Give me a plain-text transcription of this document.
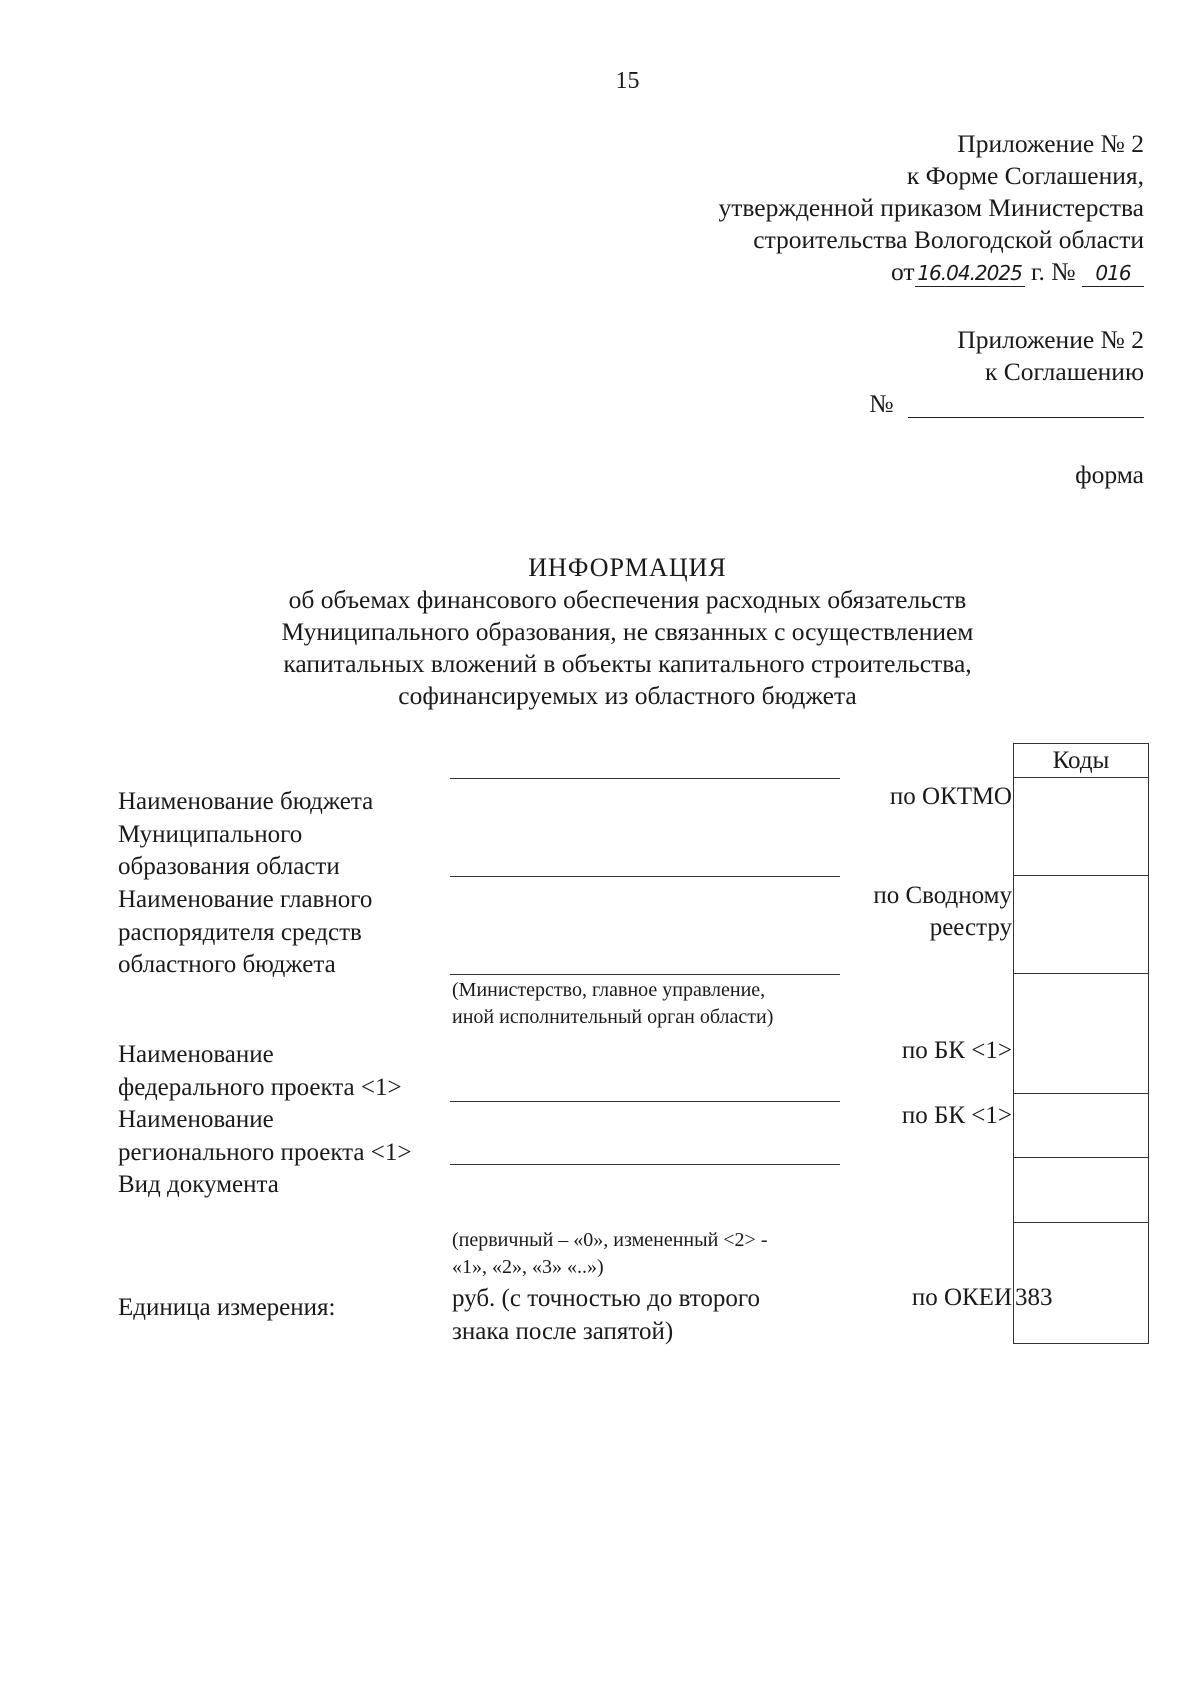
15
Приложение № 2
к Форме Соглашения,
утвержденной приказом Министерства
строительства Вологодской области
от 16.04.2025 г. № 016
Приложение № 2
к Соглашению
№
форма
ИНФОРМАЦИЯ
об объемах финансового обеспечения расходных обязательств
Муниципального образования, не связанных с осуществлением
капитальных вложений в объекты капитального строительства,
софинансируемых из областного бюджета
Коды
Наименование бюджета
Муниципального
образования области
Наименование главного
распорядителя средств
областного бюджета
(Министерство, главное управление,
иной исполнительный орган области)
Наименование
федерального проекта <1>
Наименование
регионального проекта <1>
Вид документа
(первичный – «0», измененный <2> -
«1», «2», «3» «..»)
Единица измерения:	руб. (с точностью до второго
знака после запятой)
по ОКТМО
по Сводному
реестру
по БК <1>
по БК <1>
по ОКЕИ 383
